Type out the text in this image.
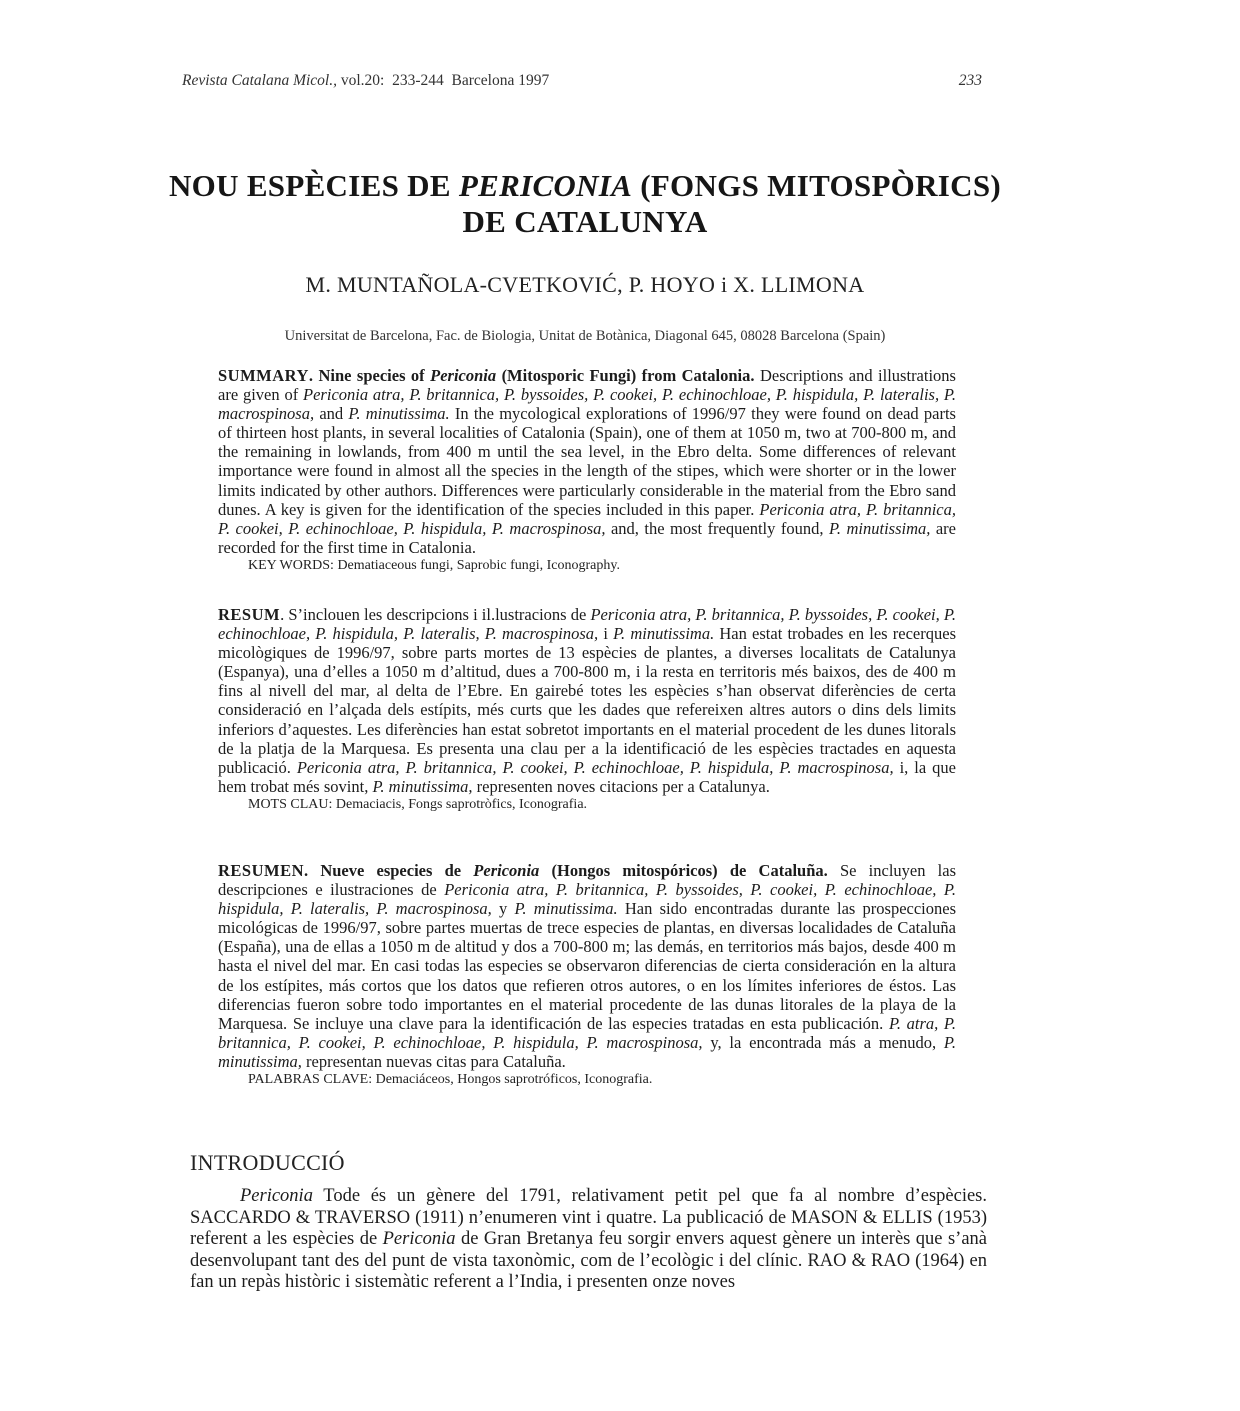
Revista Catalana Micol., vol.20: 233-244 Barcelona 1997	233
NOU ESPÈCIES DE PERICONIA (FONGS MITOSPÒRICS)
DE CATALUNYA
M. MUNTAÑOLA-CVETKOVIĆ, P. HOYO i X. LLIMONA
Universitat de Barcelona, Fac. de Biologia, Unitat de Botànica, Diagonal 645, 08028 Barcelona (Spain)
SUMMARY. Nine species of Periconia (Mitosporic Fungi) from Catalonia. Descriptions and illustrations are given of Periconia atra, P. britannica, P. byssoides, P. cookei, P. echinochloae, P. hispidula, P. lateralis, P. macrospinosa, and P. minutissima. In the mycological explorations of 1996/97 they were found on dead parts of thirteen host plants, in several localities of Catalonia (Spain), one of them at 1050 m, two at 700-800 m, and the remaining in lowlands, from 400 m until the sea level, in the Ebro delta. Some differences of relevant importance were found in almost all the species in the length of the stipes, which were shorter or in the lower limits indicated by other authors. Differences were particularly considerable in the material from the Ebro sand dunes. A key is given for the identification of the species included in this paper. Periconia atra, P. britannica, P. cookei, P. echinochloae, P. hispidula, P. macrospinosa, and, the most frequently found, P. minutissima, are recorded for the first time in Catalonia.
KEY WORDS: Dematiaceous fungi, Saprobic fungi, Iconography.
RESUM. S’inclouen les descripcions i il.lustracions de Periconia atra, P. britannica, P. byssoides, P. cookei, P. echinochloae, P. hispidula, P. lateralis, P. macrospinosa, i P. minutissima. Han estat trobades en les recerques micològiques de 1996/97, sobre parts mortes de 13 espècies de plantes, a diverses localitats de Catalunya (Espanya), una d’elles a 1050 m d’altitud, dues a 700-800 m, i la resta en territoris més baixos, des de 400 m fins al nivell del mar, al delta de l’Ebre. En gairebé totes les espècies s’han observat diferències de certa consideració en l’alçada dels estípits, més curts que les dades que refereixen altres autors o dins dels limits inferiors d’aquestes. Les diferències han estat sobretot importants en el material procedent de les dunes litorals de la platja de la Marquesa. Es presenta una clau per a la identificació de les espècies tractades en aquesta publicació. Periconia atra, P. britannica, P. cookei, P. echinochloae, P. hispidula, P. macrospinosa, i, la que hem trobat més sovint, P. minutissima, representen noves citacions per a Catalunya.
MOTS CLAU: Demaciacis, Fongs saprotròfics, Iconografia.
RESUMEN. Nueve especies de Periconia (Hongos mitospóricos) de Cataluña. Se incluyen las descripciones e ilustraciones de Periconia atra, P. britannica, P. byssoides, P. cookei, P. echinochloae, P. hispidula, P. lateralis, P. macrospinosa, y P. minutissima. Han sido encontradas durante las prospecciones micológicas de 1996/97, sobre partes muertas de trece especies de plantas, en diversas localidades de Cataluña (España), una de ellas a 1050 m de altitud y dos a 700-800 m; las demás, en territorios más bajos, desde 400 m hasta el nivel del mar. En casi todas las especies se observaron diferencias de cierta consideración en la altura de los estípites, más cortos que los datos que refieren otros autores, o en los límites inferiores de éstos. Las diferencias fueron sobre todo importantes en el material procedente de las dunas litorales de la playa de la Marquesa. Se incluye una clave para la identificación de las especies tratadas en esta publicación. P. atra, P. britannica, P. cookei, P. echinochloae, P. hispidula, P. macrospinosa, y, la encontrada más a menudo, P. minutissima, representan nuevas citas para Cataluña.
PALABRAS CLAVE: Demaciáceos, Hongos saprotróficos, Iconografia.
INTRODUCCIÓ
Periconia Tode és un gènere del 1791, relativament petit pel que fa al nombre d’espècies. SACCARDO & TRAVERSO (1911) n’enumeren vint i quatre. La publicació de MASON & ELLIS (1953) referent a les espècies de Periconia de Gran Bretanya feu sorgir envers aquest gènere un interès que s’anà desenvolupant tant des del punt de vista taxonòmic, com de l’ecològic i del clínic. RAO & RAO (1964) en fan un repàs històric i sistemàtic referent a l’India, i presenten onze noves
